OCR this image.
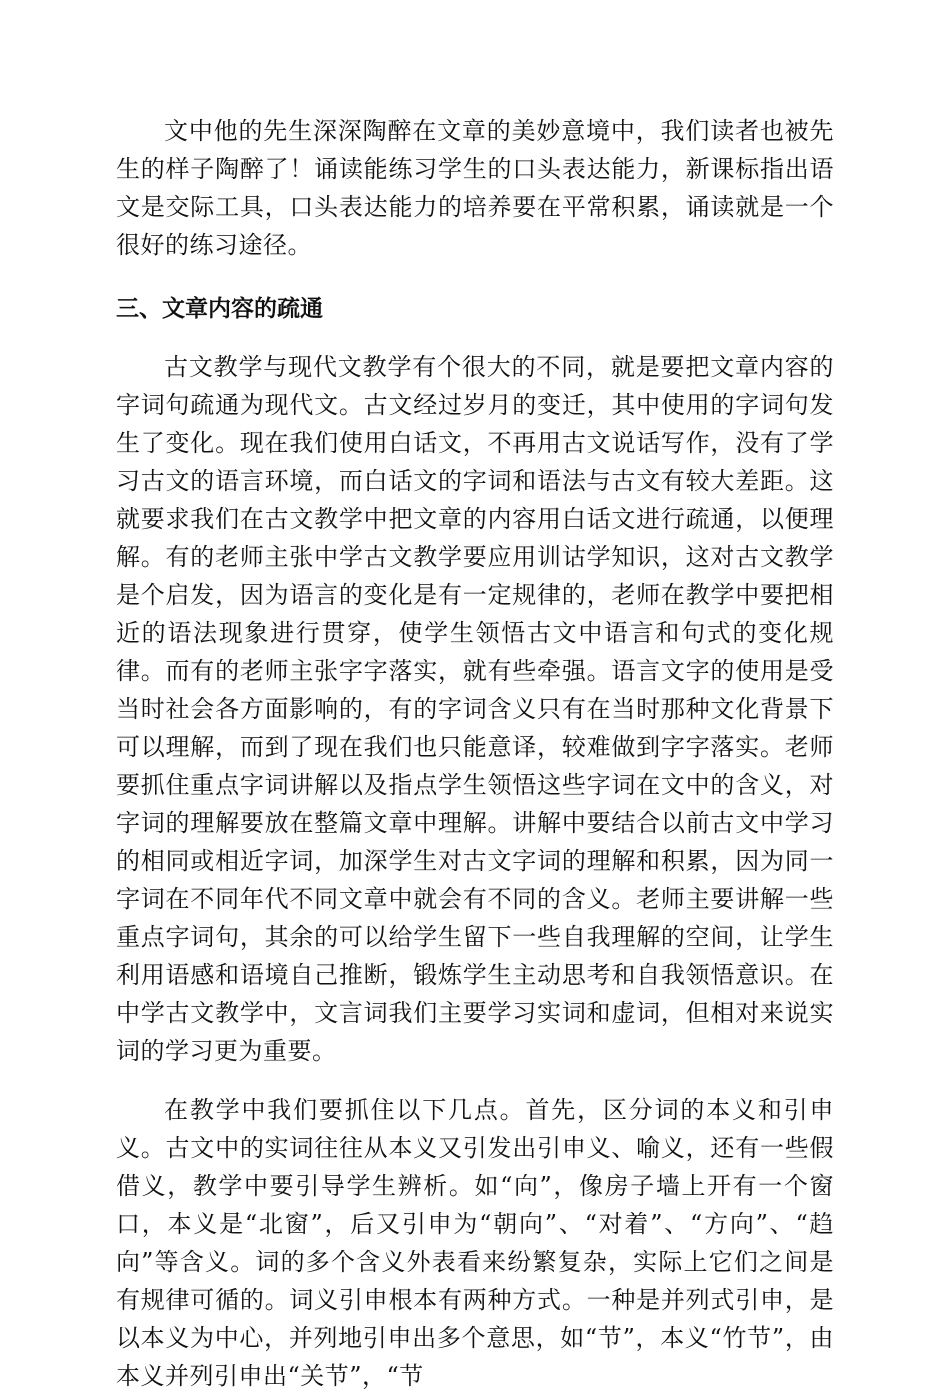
文中他的先生深深陶醉在文章的美妙意境中，我们读者也被先生的样子陶醉了！诵读能练习学生的口头表达能力，新课标指出语文是交际工具，口头表达能力的培养要在平常积累，诵读就是一个很好的练习途径。

三、文章内容的疏通

古文教学与现代文教学有个很大的不同，就是要把文章内容的字词句疏通为现代文。古文经过岁月的变迁，其中使用的字词句发生了变化。现在我们使用白话文，不再用古文说话写作，没有了学习古文的语言环境，而白话文的字词和语法与古文有较大差距。这就要求我们在古文教学中把文章的内容用白话文进行疏通，以便理解。有的老师主张中学古文教学要应用训诂学知识，这对古文教学是个启发，因为语言的变化是有一定规律的，老师在教学中要把相近的语法现象进行贯穿，使学生领悟古文中语言和句式的变化规律。而有的老师主张字字落实，就有些牵强。语言文字的使用是受当时社会各方面影响的，有的字词含义只有在当时那种文化背景下可以理解，而到了现在我们也只能意译，较难做到字字落实。老师要抓住重点字词讲解以及指点学生领悟这些字词在文中的含义，对字词的理解要放在整篇文章中理解。讲解中要结合以前古文中学习的相同或相近字词，加深学生对古文字词的理解和积累，因为同一字词在不同年代不同文章中就会有不同的含义。老师主要讲解一些重点字词句，其余的可以给学生留下一些自我理解的空间，让学生利用语感和语境自己推断，锻炼学生主动思考和自我领悟意识。在中学古文教学中，文言词我们主要学习实词和虚词，但相对来说实词的学习更为重要。

在教学中我们要抓住以下几点。首先，区分词的本义和引申义。古文中的实词往往从本义又引发出引申义、喻义，还有一些假借义，教学中要引导学生辨析。如“向”，像房子墙上开有一个窗口，本义是“北窗”，后又引申为“朝向”、“对着”、“方向”、“趋向”等含义。词的多个含义外表看来纷繁复杂，实际上它们之间是有规律可循的。词义引申根本有两种方式。一种是并列式引申，是以本义为中心，并列地引申出多个意思，如“节”，本义“竹节”，由本义并列引申出“关节”，“节
